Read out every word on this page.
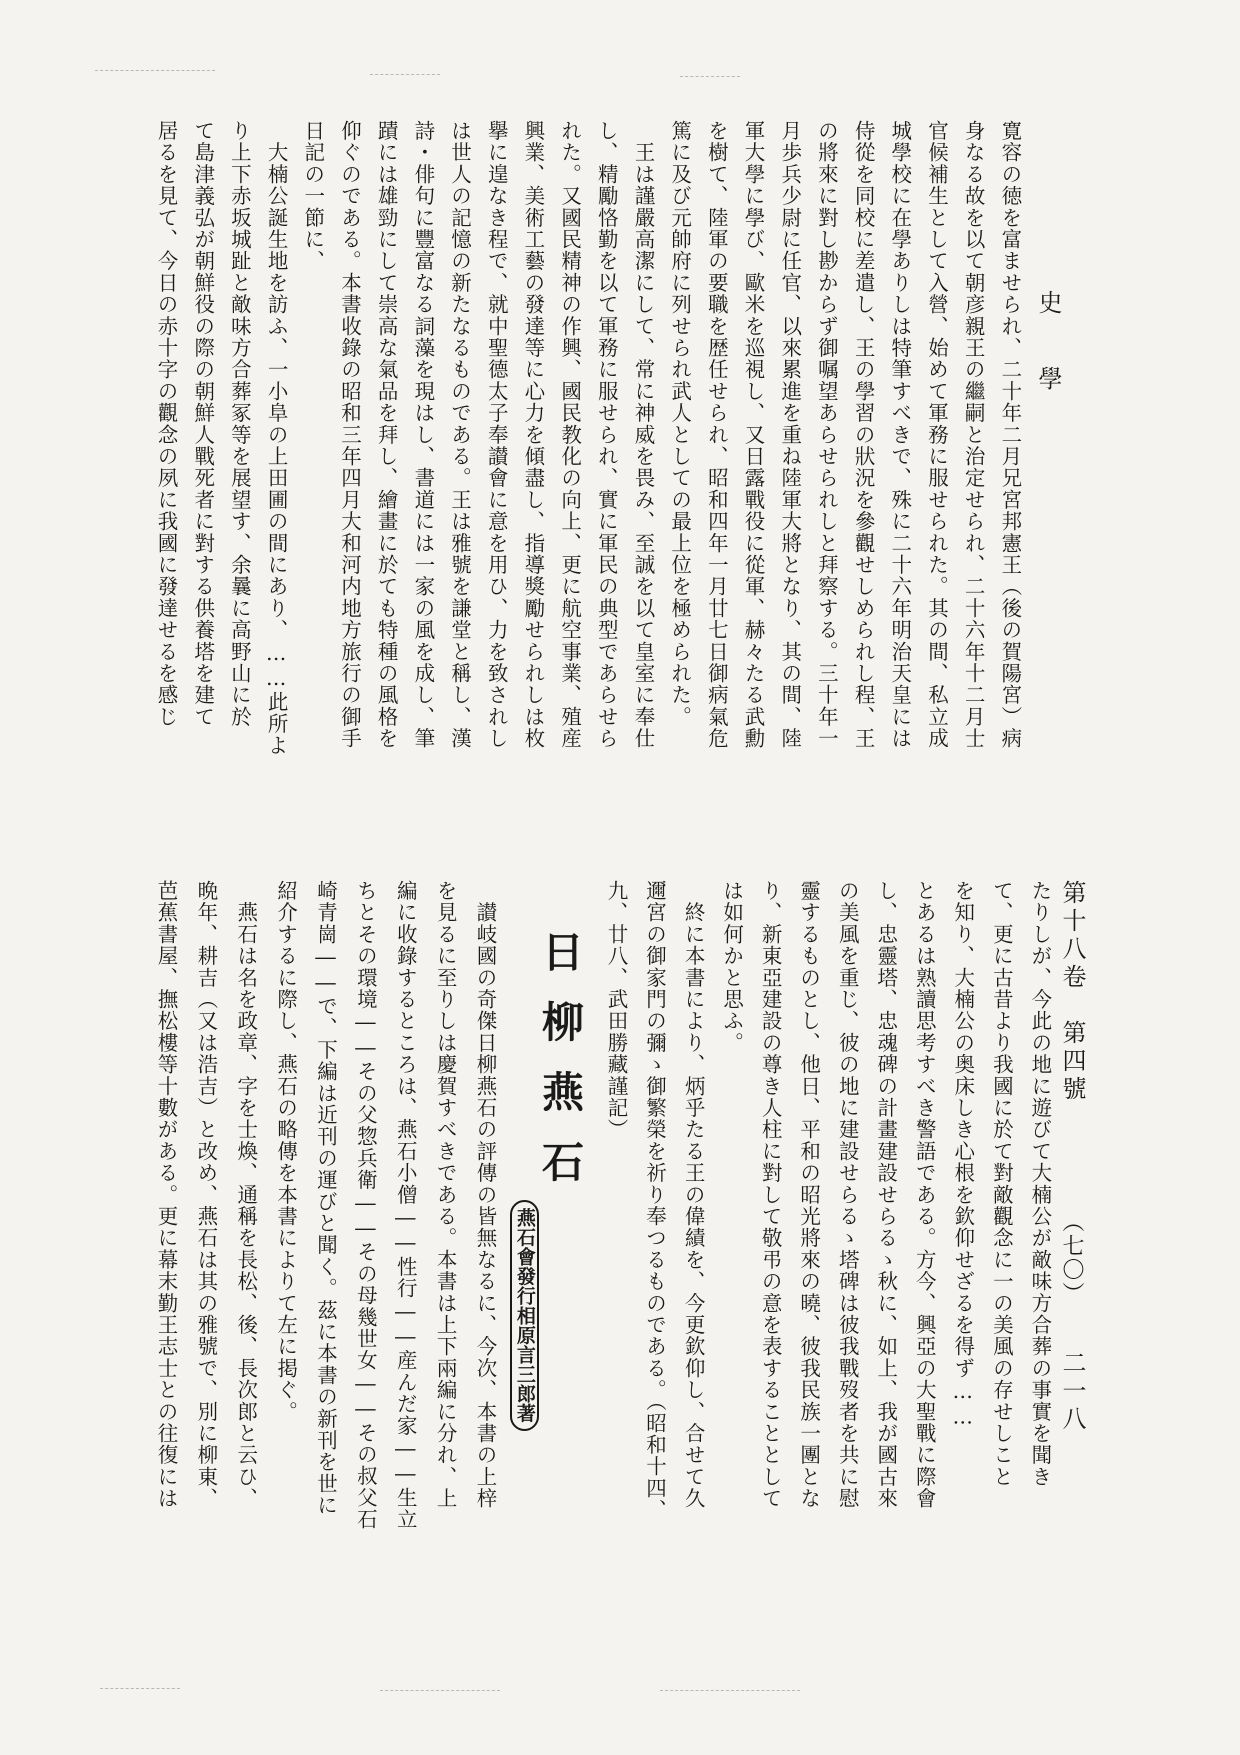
史　學
第十八卷　第四號
（七〇）
二一八
寛容の徳を富ませられ、二十年二月兄宮邦憲王（後の賀陽宮）病
身なる故を以て朝彦親王の繼嗣と治定せられ、二十六年十二月士
官候補生として入營、始めて軍務に服せられた。其の間、私立成
城學校に在學ありしは特筆すべきで、殊に二十六年明治天皇には
侍從を同校に差遣し、王の學習の狀況を參觀せしめられし程、王
の將來に對し尠からず御嘱望あらせられしと拜察する。三十年一
月歩兵少尉に任官、以來累進を重ね陸軍大將となり、其の間、陸
軍大學に學び、歐米を巡視し、又日露戰役に從軍、赫々たる武勳
を樹て、陸軍の要職を歴任せられ、昭和四年一月廿七日御病氣危
篤に及び元帥府に列せられ武人としての最上位を極められた。
　王は謹嚴高潔にして、常に神威を畏み、至誠を以て皇室に奉仕
し、精勵恪勤を以て軍務に服せられ、實に軍民の典型であらせら
れた。又國民精神の作興、國民教化の向上、更に航空事業、殖産
興業、美術工藝の發達等に心力を傾盡し、指導獎勵せられしは枚
擧に遑なき程で、就中聖德太子奉讃會に意を用ひ、力を致されし
は世人の記憶の新たなるものである。王は雅號を謙堂と稱し、漢
詩・俳句に豐富なる詞藻を現はし、書道には一家の風を成し、筆
蹟には雄勁にして崇高な氣品を拜し、繪畫に於ても特種の風格を
仰ぐのである。本書收錄の昭和三年四月大和河内地方旅行の御手
日記の一節に、
　大楠公誕生地を訪ふ、一小阜の上田圃の間にあり、……此所よ
り上下赤坂城趾と敵味方合葬冢等を展望す、余曩に高野山に於
て島津義弘が朝鮮役の際の朝鮮人戰死者に對する供養塔を建て
居るを見て、今日の赤十字の觀念の夙に我國に發達せるを感じ
たりしが、今此の地に遊びて大楠公が敵味方合葬の事實を聞き
て、更に古昔より我國に於て對敵觀念に一の美風の存せしこと
を知り、大楠公の奥床しき心根を欽仰せざるを得ず……
とあるは熟讀思考すべき警語である。方今、興亞の大聖戰に際會
し、忠靈塔、忠魂碑の計畫建設せらるゝ秋に、如上、我が國古來
の美風を重じ、彼の地に建設せらるゝ塔碑は彼我戰歿者を共に慰
靈するものとし、他日、平和の昭光將來の曉、彼我民族一團とな
り、新東亞建設の尊き人柱に對して敬弔の意を表することとして
は如何かと思ふ。
　終に本書により、炳乎たる王の偉績を、今更欽仰し、合せて久
邇宮の御家門の彌ゝ御繁榮を祈り奉つるものである。（昭和十四、
九、廿八、武田勝藏謹記）
日柳燕石
相原言三郎著
燕石會發行
　讃岐國の奇傑日柳燕石の評傳の皆無なるに、今次、本書の上梓
を見るに至りしは慶賀すべきである。本書は上下兩編に分れ、上
編に收錄するところは、燕石小僧――性行――産んだ家――生立
ちとその環境――その父惣兵衛――その母幾世女――その叔父石
崎青崗――で、下編は近刊の運びと聞く。茲に本書の新刊を世に
紹介するに際し、燕石の略傳を本書によりて左に掲ぐ。
　燕石は名を政章、字を士煥、通稱を長松、後、長次郎と云ひ、
晩年、耕吉（又は浩吉）と改め、燕石は其の雅號で、別に柳東、
芭蕉書屋、撫松樓等十數がある。更に幕末勤王志士との往復には
